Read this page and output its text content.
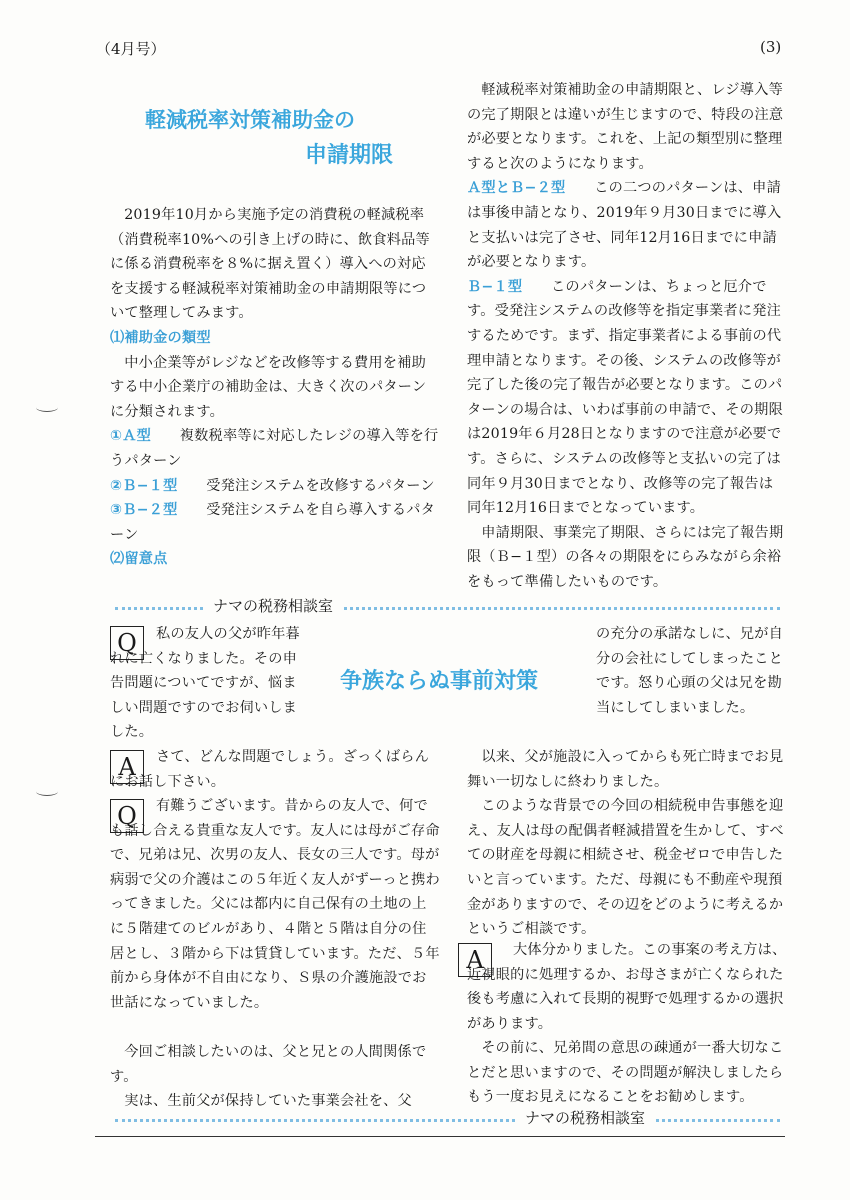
（4月号）	(3)
軽減税率対策補助金の
申請期限

2019年10月から実施予定の消費税の軽減税率（消費税率10%への引き上げの時に、飲食料品等に係る消費税率を８%に据え置く）導入への対応を支援する軽減税率対策補助金の申請期限等について整理してみます。

⑴補助金の類型

中小企業等がレジなどを改修等する費用を補助する中小企業庁の補助金は、大きく次のパターンに分類されます。

①Ａ型　　 複数税率等に対応したレジの導入等を行うパターン

②Ｂ−１型　　 受発注システムを改修するパターン

③Ｂ−２型　　 受発注システムを自ら導入するパターン

⑵留意点

軽減税率対策補助金の申請期限と、レジ導入等の完了期限とは違いが生じますので、特段の注意が必要となります。これを、上記の類型別に整理すると次のようになります。

Ａ型とＢ−２型　　 この二つのパターンは、申請は事後申請となり、2019年９月30日までに導入と支払いは完了させ、同年12月16日までに申請が必要となります。

Ｂ−１型　　 このパターンは、ちょっと厄介です。受発注システムの改修等を指定事業者に発注するためです。まず、指定事業者による事前の代理申請となります。その後、システムの改修等が完了した後の完了報告が必要となります。このパターンの場合は、いわば事前の申請で、その期限は2019年６月28日となりますので注意が必要です。さらに、システムの改修等と支払いの完了は同年９月30日までとなり、改修等の完了報告は同年12月16日までとなっています。

申請期限、事業完了期限、さらには完了報告期限（Ｂ−１型）の各々の期限をにらみながら余裕をもって準備したいものです。

ナマの税務相談室
争族ならぬ事前対策
Q
A
Q
A
私の友人の父が昨年暮れに亡くなりました。その申告問題についてですが、悩ましい問題ですのでお伺いしました。
さて、どんな問題でしょう。ざっくばらんにお話し下さい。
有難うございます。昔からの友人で、何でも話し合える貴重な友人です。友人には母がご存命で、兄弟は兄、次男の友人、長女の三人です。母が病弱で父の介護はこの５年近く友人がずーっと携わってきました。父には都内に自己保有の土地の上に５階建てのビルがあり、４階と５階は自分の住居とし、３階から下は賃貸しています。ただ、５年前から身体が不自由になり、Ｓ県の介護施設でお世話になっていました。

今回ご相談したいのは、父と兄との人間関係です。

実は、生前父が保持していた事業会社を、父

の充分の承諾なしに、兄が自分の会社にしてしまったことです。怒り心頭の父は兄を勘当にしてしまいました。

以来、父が施設に入ってからも死亡時までお見舞い一切なしに終わりました。

このような背景での今回の相続税申告事態を迎え、友人は母の配偶者軽減措置を生かして、すべての財産を母親に相続させ、税金ゼロで申告したいと言っています。ただ、母親にも不動産や現預金がありますので、その辺をどのように考えるかというご相談です。

大体分かりました。この事案の考え方は、近視眼的に処理するか、お母さまが亡くなられた後も考慮に入れて長期的視野で処理するかの選択があります。

その前に、兄弟間の意思の疎通が一番大切なことだと思いますので、その問題が解決しましたらもう一度お見えになることをお勧めします。

ナマの税務相談室
